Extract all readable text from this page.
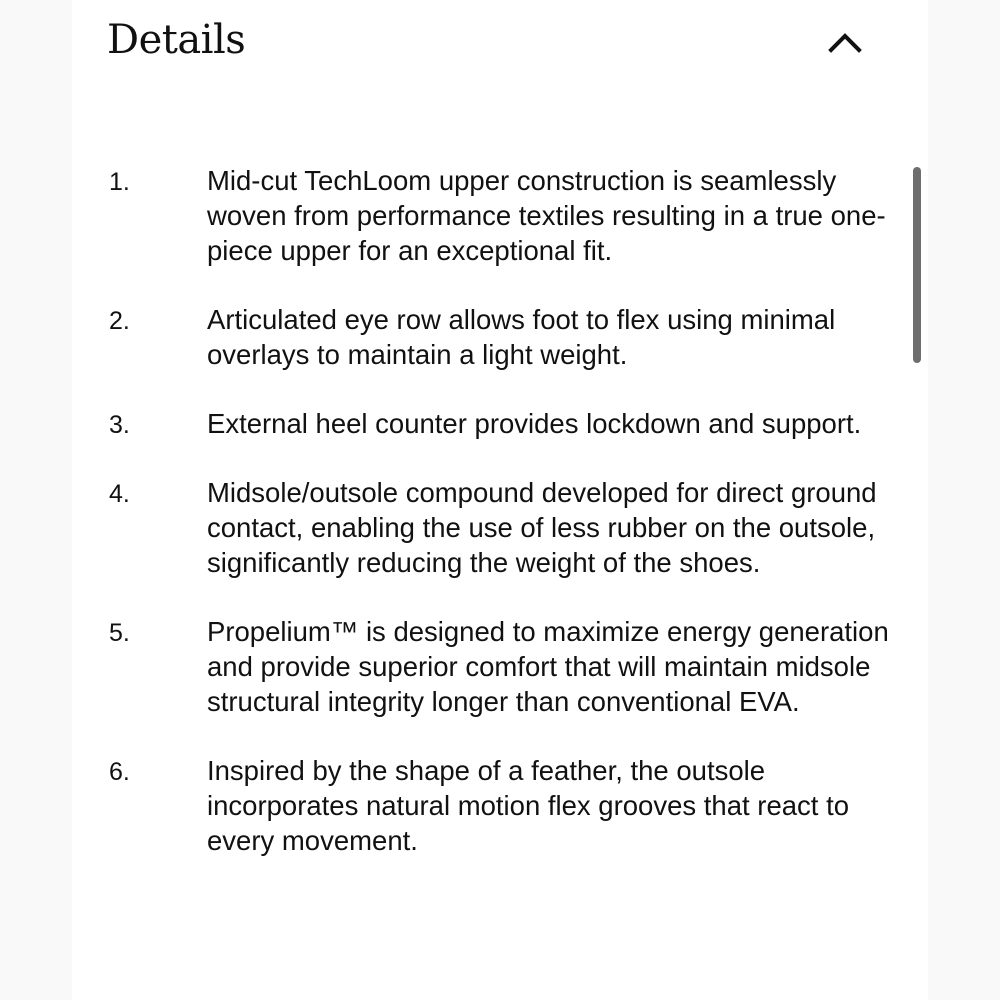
Details
1.	Mid-cut TechLoom upper construction is seamlessly woven from performance textiles resulting in a true one-piece upper for an exceptional fit.
2.	Articulated eye row allows foot to flex using minimal overlays to maintain a light weight.
3.	External heel counter provides lockdown and support.
4.	Midsole/outsole compound developed for direct ground contact, enabling the use of less rubber on the outsole, significantly reducing the weight of the shoes.
5.	Propelium™ is designed to maximize energy generation and provide superior comfort that will maintain midsole structural integrity longer than conventional EVA.
6.	Inspired by the shape of a feather, the outsole incorporates natural motion flex grooves that react to every movement.
